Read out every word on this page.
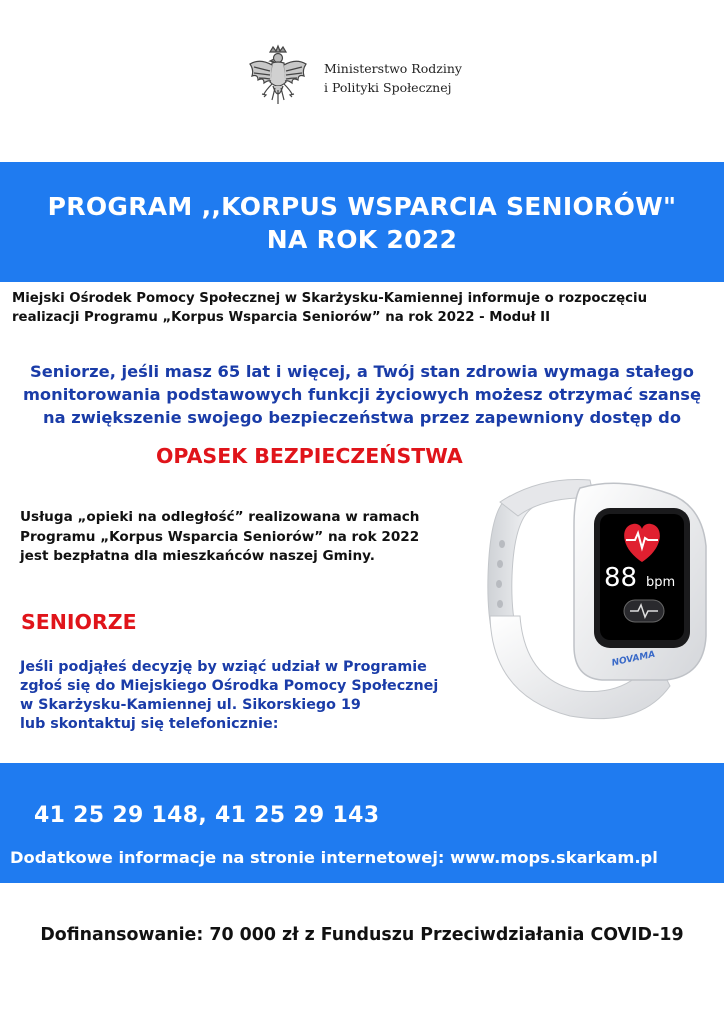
Ministerstwo Rodziny
i Polityki Społecznej
PROGRAM ,,KORPUS WSPARCIA SENIORÓW"
NA ROK 2022
Miejski Ośrodek Pomocy Społecznej w Skarżysku-Kamiennej informuje o rozpoczęciu
realizacji Programu „Korpus Wsparcia Seniorów” na rok 2022 - Moduł II
Seniorze, jeśli masz 65 lat i więcej, a Twój stan zdrowia wymaga stałego
monitorowania podstawowych funkcji życiowych możesz otrzymać szansę
na zwiększenie swojego bezpieczeństwa przez zapewniony dostęp do
OPASEK BEZPIECZEŃSTWA
Usługa „opieki na odległość” realizowana w ramach
Programu „Korpus Wsparcia Seniorów” na rok 2022
jest bezpłatna dla mieszkańców naszej Gminy.
88 bpm
NOVAMA
SENIORZE
Jeśli podjąłeś decyzję by wziąć udział w Programie
zgłoś się do Miejskiego Ośrodka Pomocy Społecznej
w Skarżysku-Kamiennej ul. Sikorskiego 19
lub skontaktuj się telefonicznie:
41 25 29 148, 41 25 29 143
Dodatkowe informacje na stronie internetowej: www.mops.skarkam.pl
Dofinansowanie: 70 000 zł z Funduszu Przeciwdziałania COVID-19
